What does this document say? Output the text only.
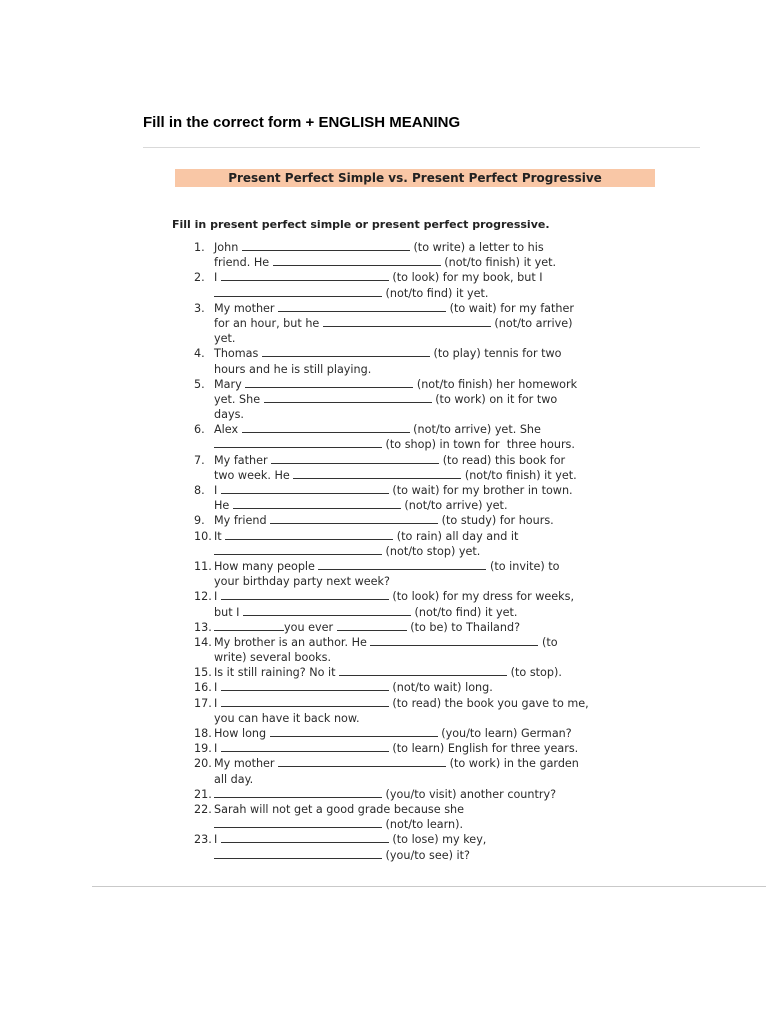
Fill in the correct form + ENGLISH MEANING
Present Perfect Simple vs. Present Perfect Progressive
Fill in present perfect simple or present perfect progressive.
1. John	(to write) a letter to his
friend. He	(not/to finish) it yet.
2. I	(to look) for my book, but I
(not/to find) it yet.
3. My mother	(to wait) for my father
for an hour, but he	(not/to arrive)
yet.
4. Thomas	(to play) tennis for two
hours and he is still playing.
5. Mary	(not/to finish) her homework
yet. She	(to work) on it for two
days.
6. Alex	(not/to arrive) yet. She
(to shop) in town for  three hours.
7. My father	(to read) this book for
two week. He	(not/to finish) it yet.
8. I	(to wait) for my brother in town.
He	(not/to arrive) yet.
9. My friend	(to study) for hours.
10. It	(to rain) all day and it
(not/to stop) yet.
11. How many people	(to invite) to
your birthday party next week?
12. I	(to look) for my dress for weeks,
but I	(not/to find) it yet.
13.	you ever	(to be) to Thailand?
14. My brother is an author. He	(to
write) several books.
15. Is it still raining? No it	(to stop).
16. I	(not/to wait) long.
17. I	(to read) the book you gave to me,
you can have it back now.
18. How long	(you/to learn) German?
19. I	(to learn) English for three years.
20. My mother	(to work) in the garden
all day.
21.	(you/to visit) another country?
22. Sarah will not get a good grade because she
(not/to learn).
23. I	(to lose) my key,
(you/to see) it?
